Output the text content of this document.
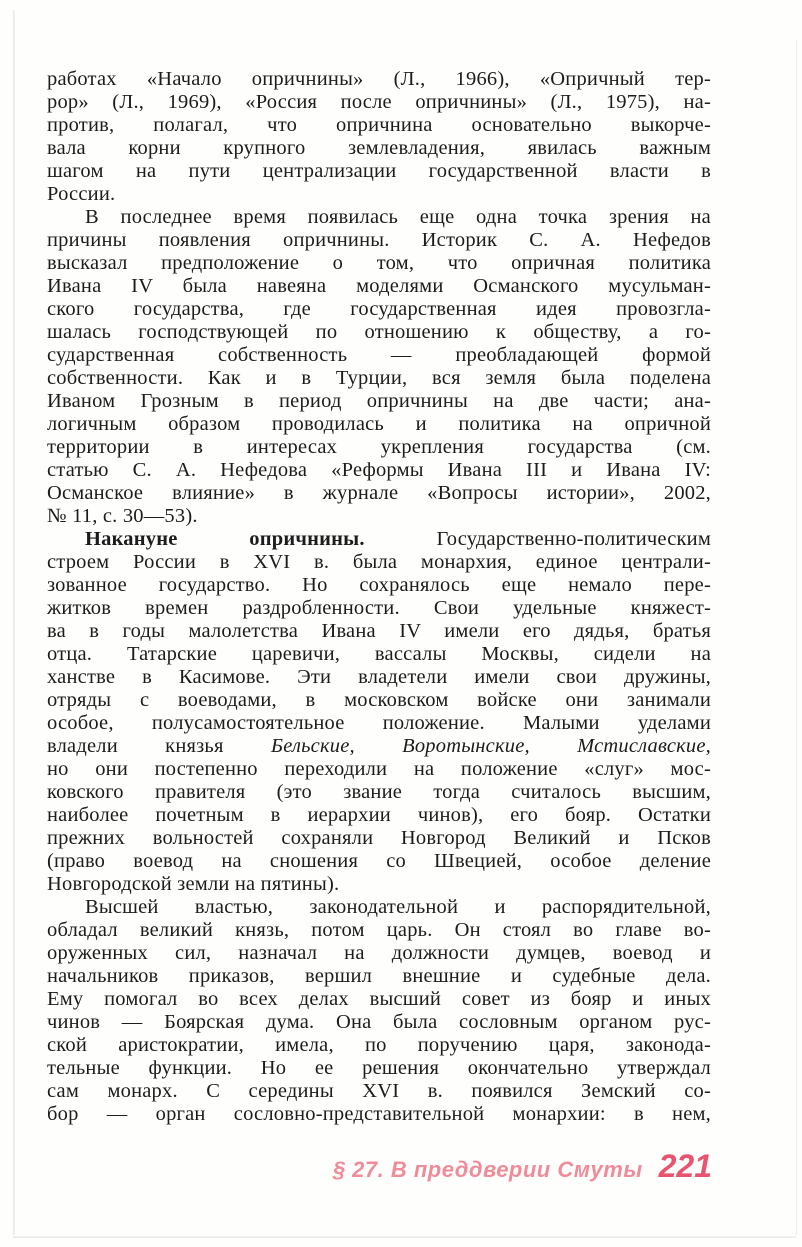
работах «Начало опричнины» (Л., 1966), «Опричный тер-
рор» (Л., 1969), «Россия после опричнины» (Л., 1975), на-
против, полагал, что опричнина основательно выкорче-
вала корни крупного землевладения, явилась важным
шагом на пути централизации государственной власти в
России.
В последнее время появилась еще одна точка зрения на
причины появления опричнины. Историк С. А. Нефедов
высказал предположение о том, что опричная политика
Ивана IV была навеяна моделями Османского мусульман-
ского государства, где государственная идея провозгла-
шалась господствующей по отношению к обществу, а го-
сударственная собственность — преобладающей формой
собственности. Как и в Турции, вся земля была поделена
Иваном Грозным в период опричнины на две части; ана-
логичным образом проводилась и политика на опричной
территории в интересах укрепления государства (см.
статью С. А. Нефедова «Реформы Ивана III и Ивана IV:
Османское влияние» в журнале «Вопросы истории», 2002,
№ 11, с. 30—53).
Накануне опричнины. Государственно-политическим
строем России в XVI в. была монархия, единое централи-
зованное государство. Но сохранялось еще немало пере-
житков времен раздробленности. Свои удельные княжест-
ва в годы малолетства Ивана IV имели его дядья, братья
отца. Татарские царевичи, вассалы Москвы, сидели на
ханстве в Касимове. Эти владетели имели свои дружины,
отряды с воеводами, в московском войске они занимали
особое, полусамостоятельное положение. Малыми уделами
владели князья Бельские, Воротынские, Мстиславские,
но они постепенно переходили на положение «слуг» мос-
ковского правителя (это звание тогда считалось высшим,
наиболее почетным в иерархии чинов), его бояр. Остатки
прежних вольностей сохраняли Новгород Великий и Псков
(право воевод на сношения со Швецией, особое деление
Новгородской земли на пятины).
Высшей властью, законодательной и распорядительной,
обладал великий князь, потом царь. Он стоял во главе во-
оруженных сил, назначал на должности думцев, воевод и
начальников приказов, вершил внешние и судебные дела.
Ему помогал во всех делах высший совет из бояр и иных
чинов — Боярская дума. Она была сословным органом рус-
ской аристократии, имела, по поручению царя, законода-
тельные функции. Но ее решения окончательно утверждал
сам монарх. С середины XVI в. появился Земский со-
бор — орган сословно-представительной монархии: в нем,
§ 27. В преддверии Смуты 221
